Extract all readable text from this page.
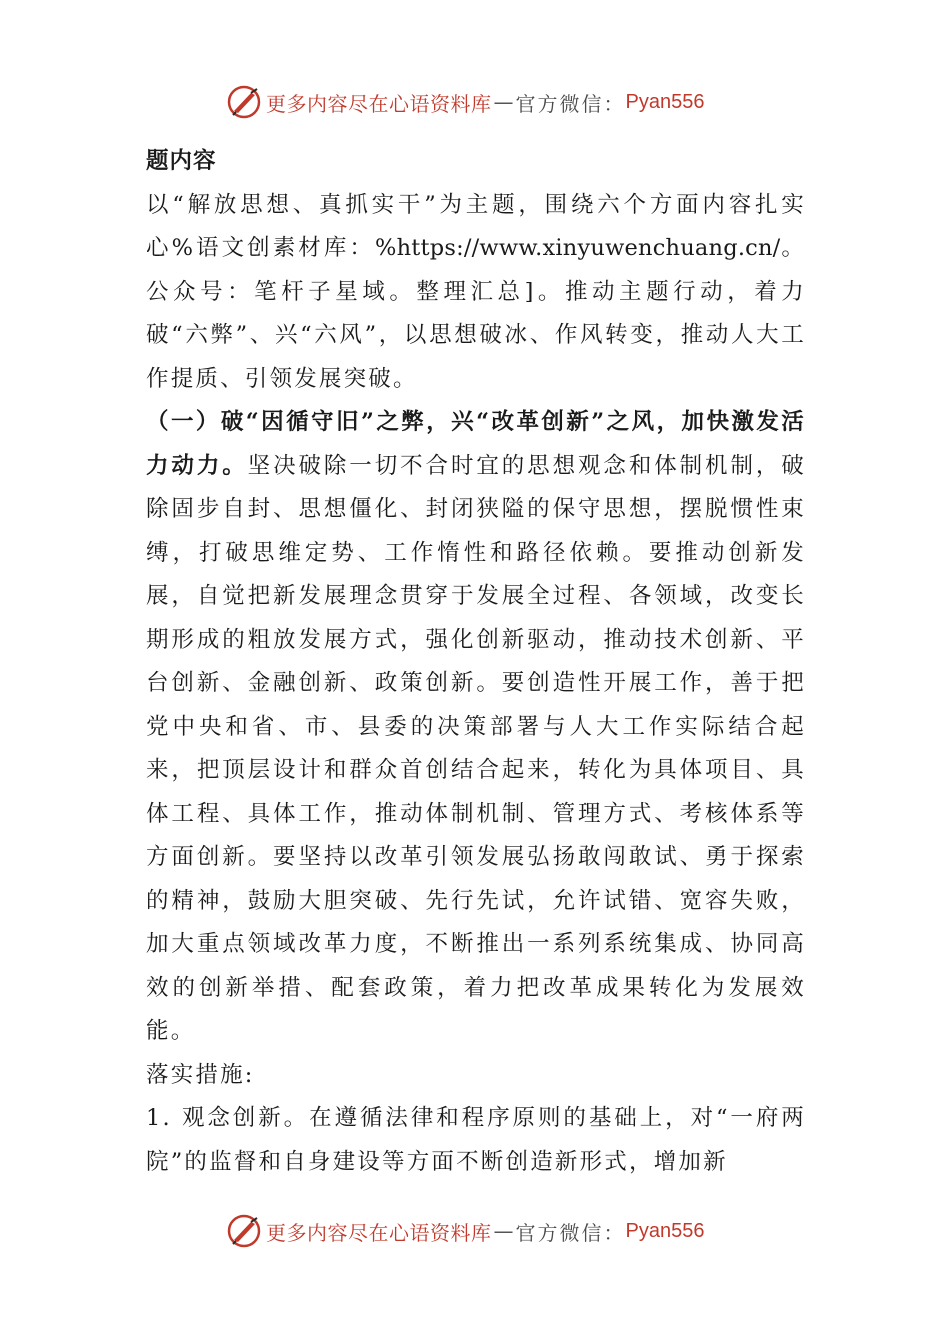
更多内容尽在心语资料库 — 官方微信： Pyan556

题内容

以“解放思想、真抓实干”为主题，围绕六个方面内容扎实心%语文创素材库：%https://www.xinyuwenchuang.cn/。公众号：笔杆子星域。整理汇总]。推动主题行动，着力破“六弊”、兴“六风”，以思想破冰、作风转变，推动人大工作提质、引领发展突破。

（一）破“因循守旧”之弊，兴“改革创新”之风，加快激发活力动力。坚决破除一切不合时宜的思想观念和体制机制，破除固步自封、思想僵化、封闭狭隘的保守思想，摆脱惯性束缚，打破思维定势、工作惰性和路径依赖。要推动创新发展，自觉把新发展理念贯穿于发展全过程、各领域，改变长期形成的粗放发展方式，强化创新驱动，推动技术创新、平台创新、金融创新、政策创新。要创造性开展工作，善于把党中央和省、市、县委的决策部署与人大工作实际结合起来，把顶层设计和群众首创结合起来，转化为具体项目、具体工程、具体工作，推动体制机制、管理方式、考核体系等方面创新。要坚持以改革引领发展弘扬敢闯敢试、勇于探索的精神，鼓励大胆突破、先行先试，允许试错、宽容失败，加大重点领域改革力度，不断推出一系列系统集成、协同高效的创新举措、配套政策，着力把改革成果转化为发展效能。

落实措施:

1. 观念创新。在遵循法律和程序原则的基础上，对“一府两院”的监督和自身建设等方面不断创造新形式，增加新

更多内容尽在心语资料库 — 官方微信： Pyan556
